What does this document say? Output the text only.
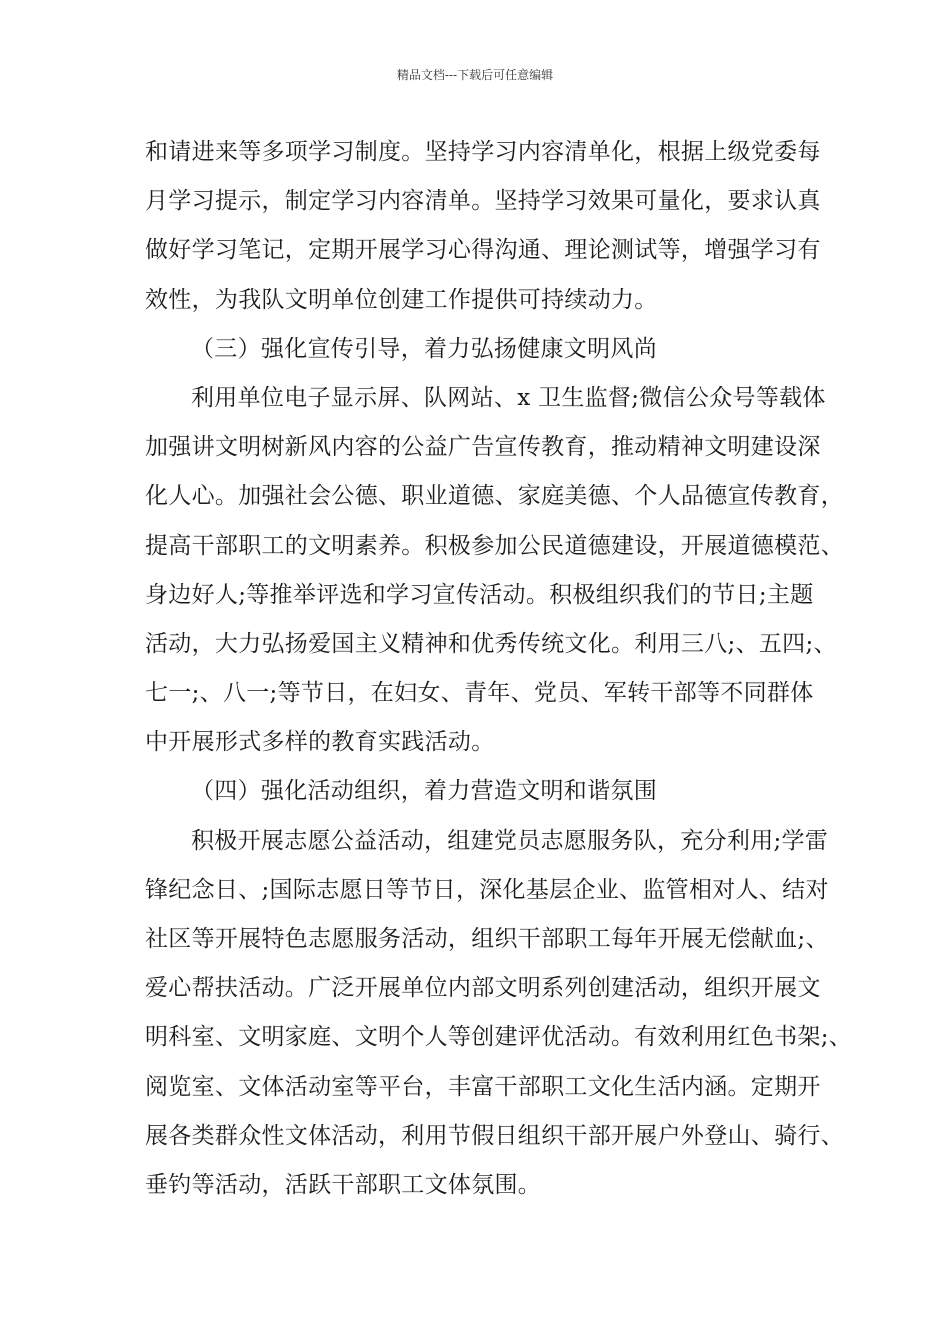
精品文档---下载后可任意编辑
和请进来等多项学习制度。坚持学习内容清单化，根据上级党委每
月学习提示，制定学习内容清单。坚持学习效果可量化，要求认真
做好学习笔记，定期开展学习心得沟通、理论测试等，增强学习有
效性，为我队文明单位创建工作提供可持续动力。
（三）强化宣传引导，着力弘扬健康文明风尚
利用单位电子显示屏、队网站、x 卫生监督;微信公众号等载体
加强讲文明树新风内容的公益广告宣传教育，推动精神文明建设深
化人心。加强社会公德、职业道德、家庭美德、个人品德宣传教育，
提高干部职工的文明素养。积极参加公民道德建设，开展道德模范、
身边好人;等推举评选和学习宣传活动。积极组织我们的节日;主题
活动，大力弘扬爱国主义精神和优秀传统文化。利用三八;、五四;、
七一;、八一;等节日，在妇女、青年、党员、军转干部等不同群体
中开展形式多样的教育实践活动。
（四）强化活动组织，着力营造文明和谐氛围
积极开展志愿公益活动，组建党员志愿服务队，充分利用;学雷
锋纪念日、;国际志愿日等节日，深化基层企业、监管相对人、结对
社区等开展特色志愿服务活动，组织干部职工每年开展无偿献血;、
爱心帮扶活动。广泛开展单位内部文明系列创建活动，组织开展文
明科室、文明家庭、文明个人等创建评优活动。有效利用红色书架;、
阅览室、文体活动室等平台，丰富干部职工文化生活内涵。定期开
展各类群众性文体活动，利用节假日组织干部开展户外登山、骑行、
垂钓等活动，活跃干部职工文体氛围。
